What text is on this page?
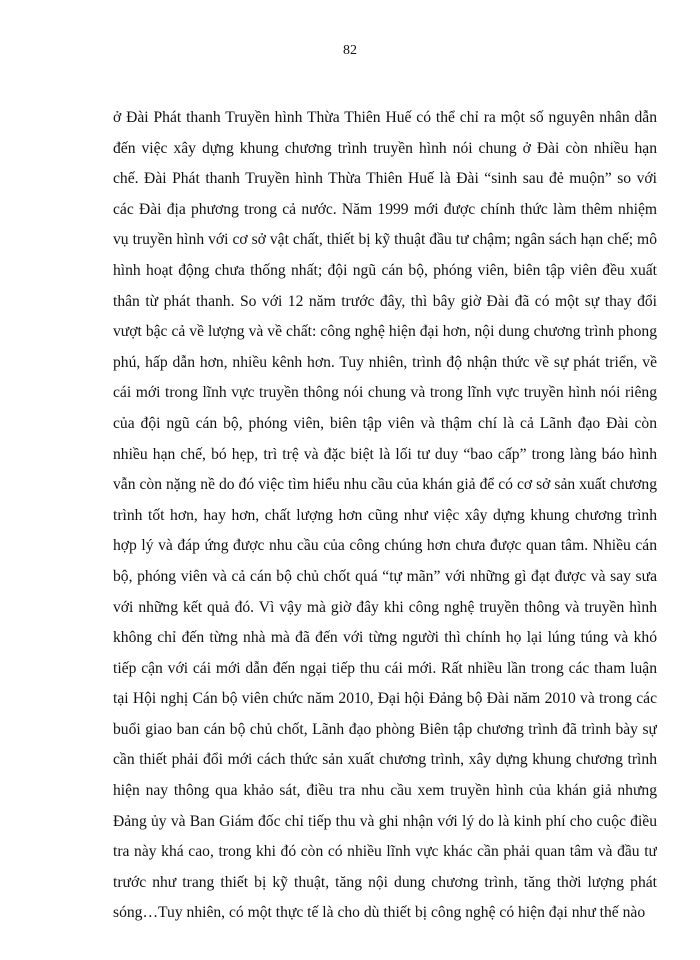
82
ở Đài Phát thanh Truyền hình Thừa Thiên Huế có thể chỉ ra một số nguyên nhân dẫn
đến việc xây dựng khung chương trình truyền hình nói chung ở Đài còn nhiều hạn
chế. Đài Phát thanh Truyền hình Thừa Thiên Huế là Đài “sinh sau đẻ muộn” so với
các Đài địa phương trong cả nước. Năm 1999 mới được chính thức làm thêm nhiệm
vụ truyền hình với cơ sở vật chất, thiết bị kỹ thuật đầu tư chậm; ngân sách hạn chế; mô
hình hoạt động chưa thống nhất; đội ngũ cán bộ, phóng viên, biên tập viên đều xuất
thân từ phát thanh. So với 12 năm trước đây, thì bây giờ Đài đã có một sự thay đổi
vượt bậc cả về lượng và về chất: công nghệ hiện đại hơn, nội dung chương trình phong
phú, hấp dẫn hơn, nhiều kênh hơn. Tuy nhiên, trình độ nhận thức về sự phát triển, về
cái mới trong lĩnh vực truyền thông nói chung và trong lĩnh vực truyền hình nói riêng
của đội ngũ cán bộ, phóng viên, biên tập viên và thậm chí là cả Lãnh đạo Đài còn
nhiều hạn chế, bó hẹp, trì trệ và đặc biệt là lối tư duy “bao cấp” trong làng báo hình
vẫn còn nặng nề do đó việc tìm hiểu nhu cầu của khán giả để có cơ sở sản xuất chương
trình tốt hơn, hay hơn, chất lượng hơn cũng như việc xây dựng khung chương trình
hợp lý và đáp ứng được nhu cầu của công chúng hơn chưa được quan tâm. Nhiều cán
bộ, phóng viên và cả cán bộ chủ chốt quá “tự mãn” với những gì đạt được và say sưa
với những kết quả đó. Vì vậy mà giờ đây khi công nghệ truyền thông và truyền hình
không chỉ đến từng nhà mà đã đến với từng người thì chính họ lại lúng túng và khó
tiếp cận với cái mới dẫn đến ngại tiếp thu cái mới. Rất nhiều lần trong các tham luận
tại Hội nghị Cán bộ viên chức năm 2010, Đại hội Đảng bộ Đài năm 2010 và trong các
buổi giao ban cán bộ chủ chốt, Lãnh đạo phòng Biên tập chương trình đã trình bày sự
cần thiết phải đổi mới cách thức sản xuất chương trình, xây dựng khung chương trình
hiện nay thông qua khảo sát, điều tra nhu cầu xem truyền hình của khán giả nhưng
Đảng ủy và Ban Giám đốc chỉ tiếp thu và ghi nhận với lý do là kinh phí cho cuộc điều
tra này khá cao, trong khi đó còn có nhiều lĩnh vực khác cần phải quan tâm và đầu tư
trước như trang thiết bị kỹ thuật, tăng nội dung chương trình, tăng thời lượng phát
sóng…Tuy nhiên, có một thực tế là cho dù thiết bị công nghệ có hiện đại như thế nào
